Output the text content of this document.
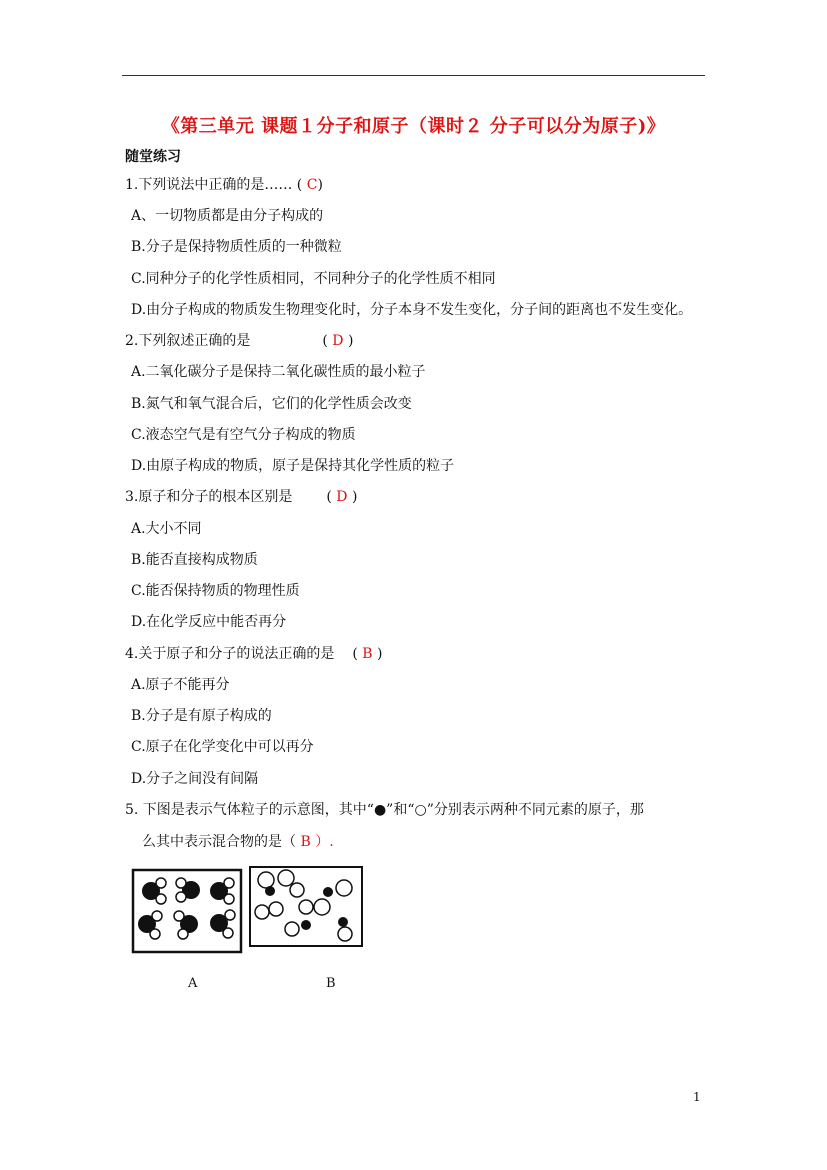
《第三单元 课题１分子和原子（课时２ 分子可以分为原子)》
随堂练习
1.下列说法中正确的是…… ( C)
A、一切物质都是由分子构成的
B.分子是保持物质性质的一种微粒
C.同种分子的化学性质相同，不同种分子的化学性质不相同
D.由分子构成的物质发生物理变化时，分子本身不发生变化，分子间的距离也不发生变化。
2.下列叙述正确的是	( D )
A.二氧化碳分子是保持二氧化碳性质的最小粒子
B.氮气和氧气混合后，它们的化学性质会改变
C.液态空气是有空气分子构成的物质
D.由原子构成的物质，原子是保持其化学性质的粒子
3.原子和分子的根本区别是 ( D )
A.大小不同
B.能否直接构成物质
C.能否保持物质的物理性质
D.在化学反应中能否再分
4.关于原子和分子的说法正确的是 ( B )
A.原子不能再分
B.分子是有原子构成的
C.原子在化学变化中可以再分
D.分子之间没有间隔
5. 下图是表示气体粒子的示意图，其中“●”和“○”分别表示两种不同元素的原子，那
么其中表示混合物的是（ B ）.
A	B
1
